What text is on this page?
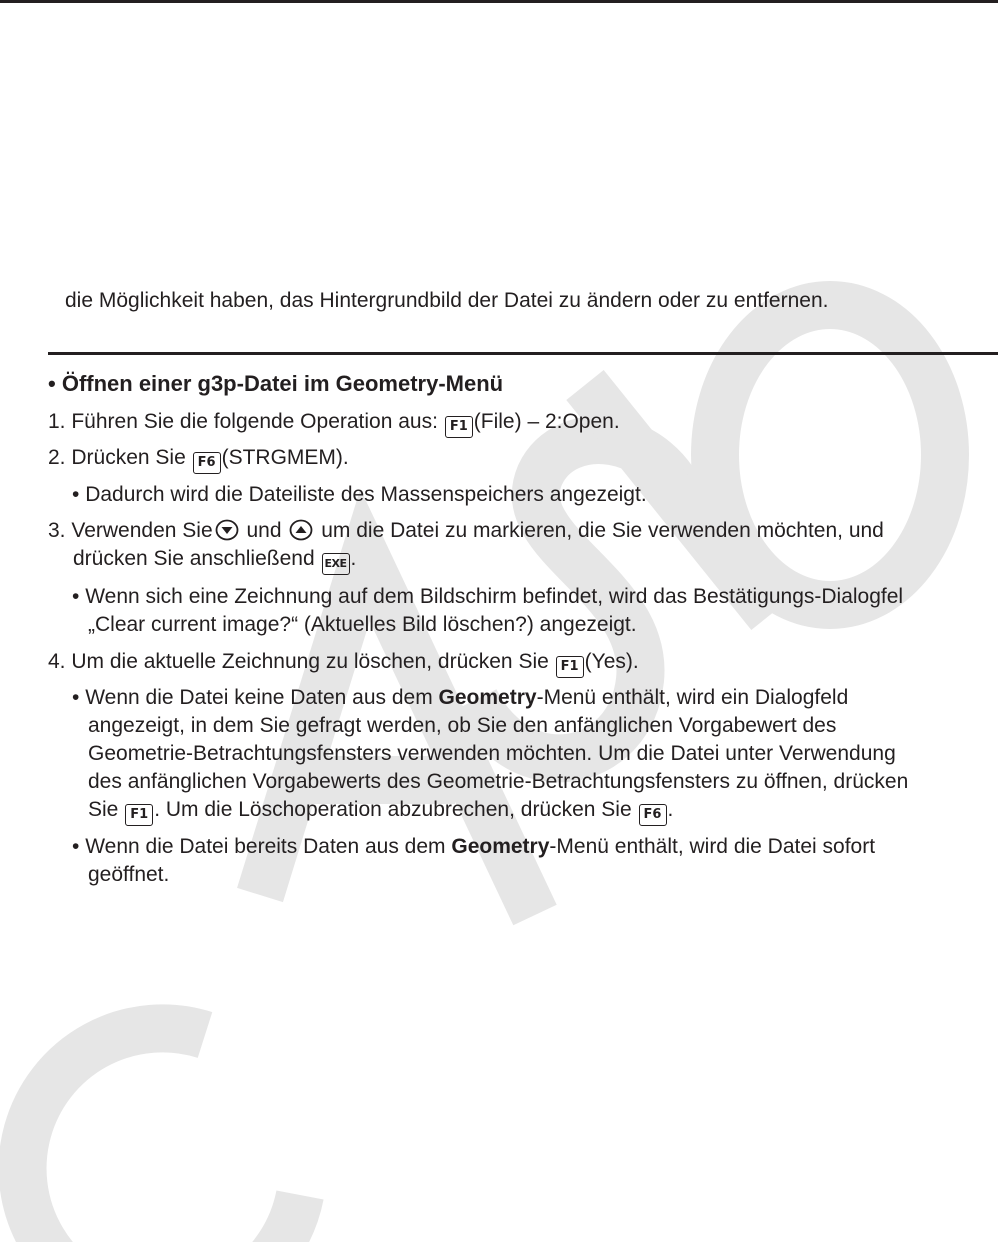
die Möglichkeit haben, das Hintergrundbild der Datei zu ändern oder zu entfernen.
• Öffnen einer g3p-Datei im Geometry-Menü
1. Führen Sie die folgende Operation aus: F1 (File) – 2:Open.
2. Drücken Sie F6 (STRGMEM).
• Dadurch wird die Dateiliste des Massenspeichers angezeigt.
3. Verwenden Sie und um die Datei zu markieren, die Sie verwenden möchten, und
drücken Sie anschließend EXE .
• Wenn sich eine Zeichnung auf dem Bildschirm befindet, wird das Bestätigungs-Dialogfel
„Clear current image?“ (Aktuelles Bild löschen?) angezeigt.
4. Um die aktuelle Zeichnung zu löschen, drücken Sie F1 (Yes).
• Wenn die Datei keine Daten aus dem Geometry-Menü enthält, wird ein Dialogfeld
angezeigt, in dem Sie gefragt werden, ob Sie den anfänglichen Vorgabewert des
Geometrie-Betrachtungsfensters verwenden möchten. Um die Datei unter Verwendung
des anfänglichen Vorgabewerts des Geometrie-Betrachtungsfensters zu öffnen, drücken
Sie F1 . Um die Löschoperation abzubrechen, drücken Sie F6 .
• Wenn die Datei bereits Daten aus dem Geometry-Menü enthält, wird die Datei sofort
geöffnet.
